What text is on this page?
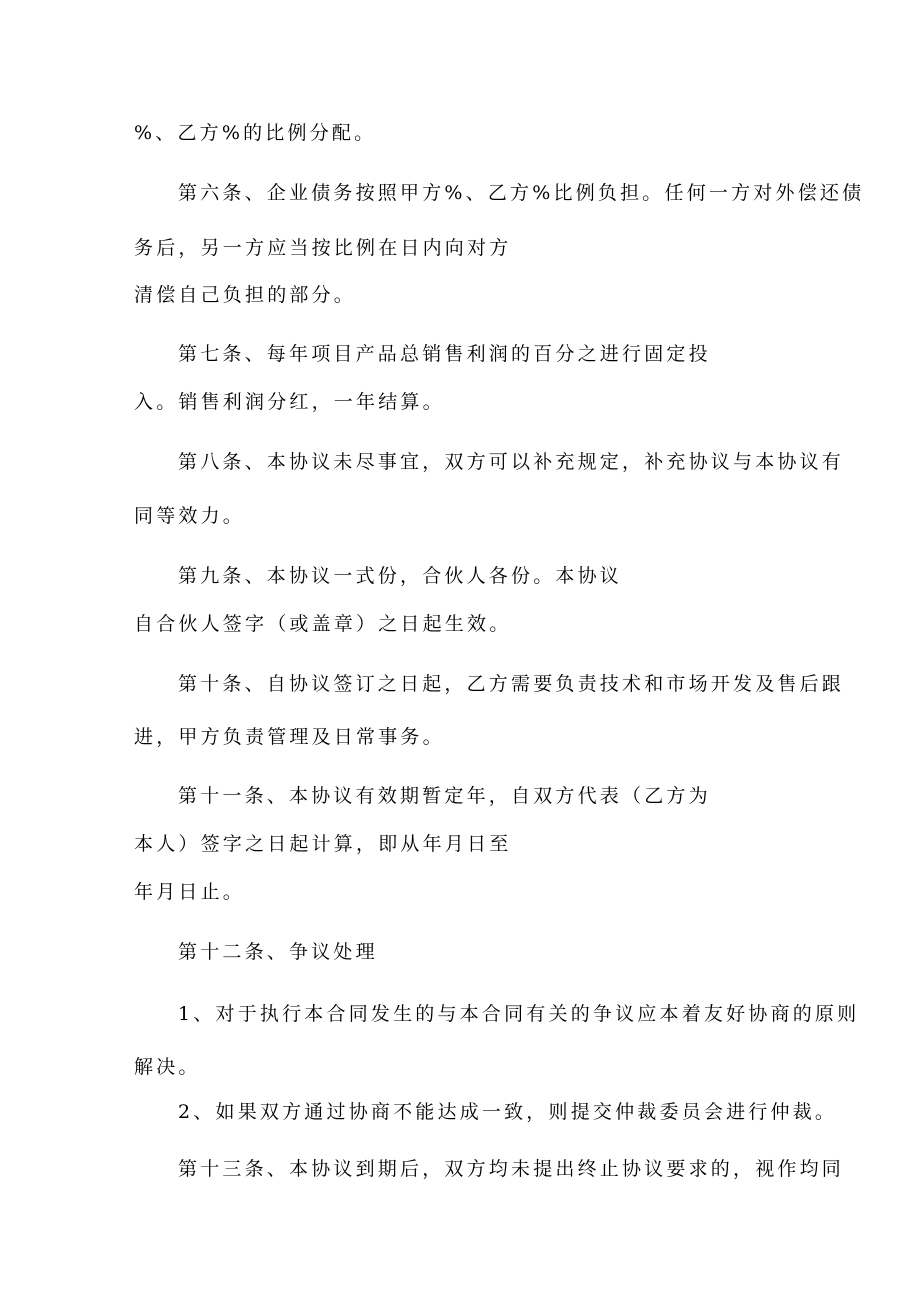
%、乙方%的比例分配。
第六条、企业债务按照甲方%、乙方%比例负担。任何一方对外偿还债
务后，另一方应当按比例在日内向对方
清偿自己负担的部分。
第七条、每年项目产品总销售利润的百分之进行固定投
入。销售利润分红，一年结算。
第八条、本协议未尽事宜，双方可以补充规定，补充协议与本协议有
同等效力。
第九条、本协议一式份，合伙人各份。本协议
自合伙人签字（或盖章）之日起生效。
第十条、自协议签订之日起，乙方需要负责技术和市场开发及售后跟
进，甲方负责管理及日常事务。
第十一条、本协议有效期暂定年，自双方代表（乙方为
本人）签字之日起计算，即从年月日至
年月日止。
第十二条、争议处理
1、对于执行本合同发生的与本合同有关的争议应本着友好协商的原则
解决。
2、如果双方通过协商不能达成一致，则提交仲裁委员会进行仲裁。
第十三条、本协议到期后，双方均未提出终止协议要求的，视作均同
